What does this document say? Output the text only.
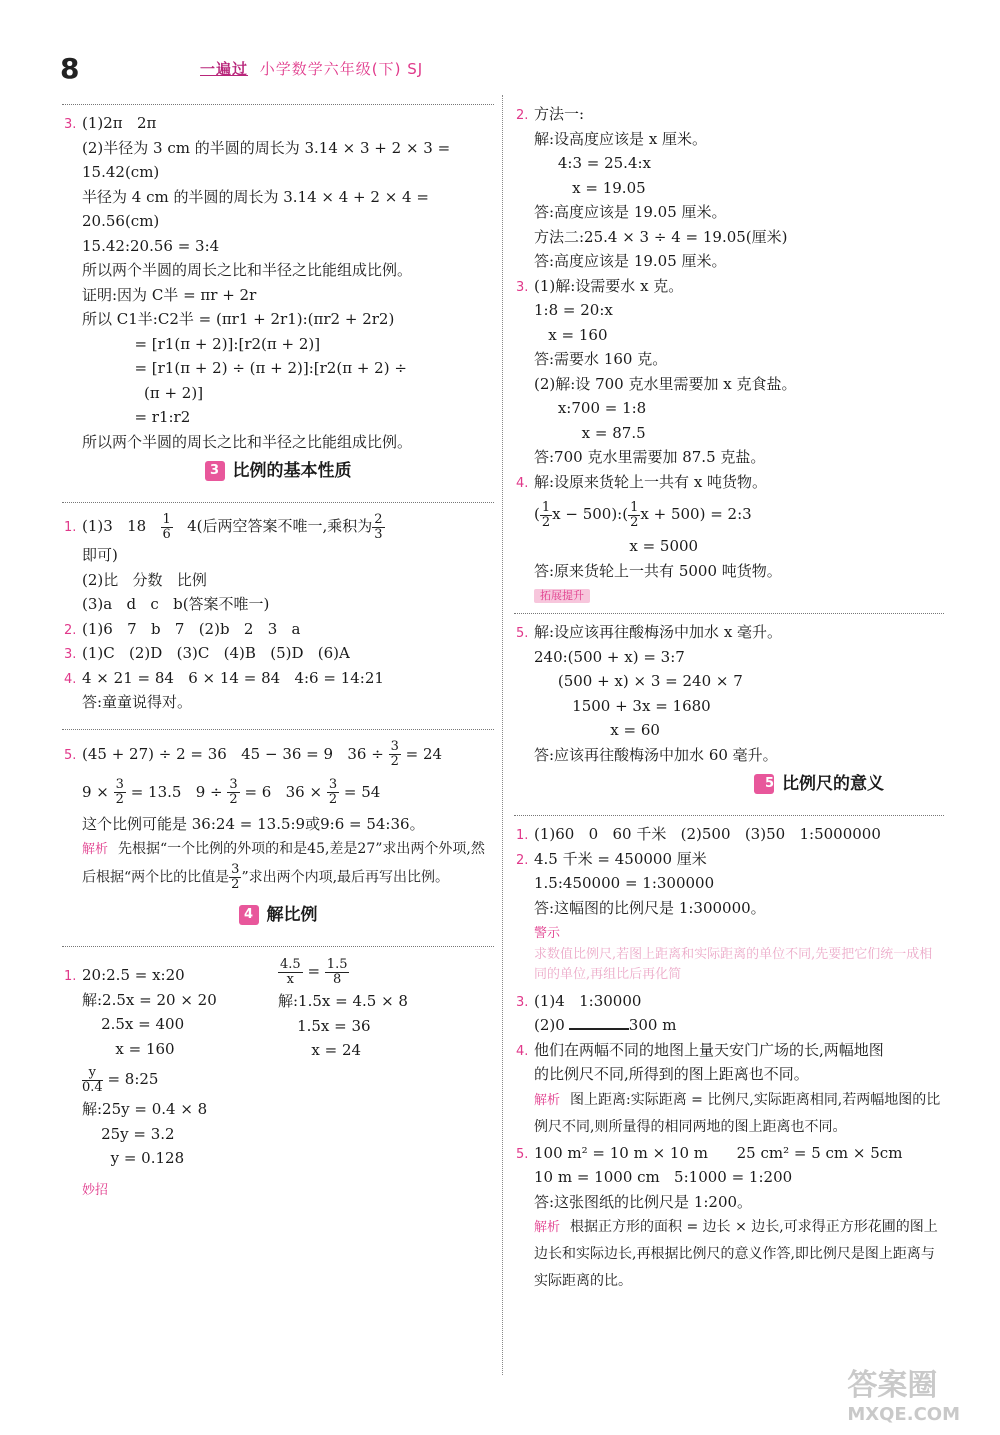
8	一遍过 小学数学六年级(下) SJ
3. (1)2π   2π
(2)半径为 3 cm 的半圆的周长为 3.14 × 3 + 2 × 3 =
15.42(cm)
半径为 4 cm 的半圆的周长为 3.14 × 4 + 2 × 4 =
20.56(cm)
15.42:20.56 = 3:4
所以两个半圆的周长之比和半径之比能组成比例。
证明:因为 C半 = πr + 2r
所以 C1半:C2半 = (πr1 + 2r1):(πr2 + 2r2)
= [r1(π + 2)]:[r2(π + 2)]
= [r1(π + 2) ÷ (π + 2)]:[r2(π + 2) ÷
(π + 2)]
= r1:r2
所以两个半圆的周长之比和半径之比能组成比例。
3 比例的基本性质
1. (1)3   $18 \frac{1}{6} 4$(后两空答案不唯一,乘积为 $\frac{2}{3}$
即可)
(2)比   分数   比例
(3)a   d   c   b(答案不唯一)
2. (1)6   7   b   7   (2)b   2   3   a
3. (1)C   (2)D   (3)C   (4)B   (5)D   (6)A
4. 4 × 21 = 84   6 × 14 = 84   4:6 = 14:21
答:童童说得对。
5. (45 + 27) ÷ 2 = 36   45 − 36 = 9   $36 \div \frac{3}{2} = 24$
$9 \times \frac{3}{2} = 13.5$   $9 \div \frac{3}{2} = 6$   $36 \times \frac{3}{2} = 54$
这个比例可能是 36:24 = 13.5:9或9:6 = 54:36。
解析 先根据“一个比例的外项的和是45,差是27”求出两个外项,然后根据“两个比的比值是 $\frac{3}{2}$ ”求出两个内项,最后再写出比例。
4 解比例
1. 20:2.5 = x:20
解:2.5x = 20 × 20
2.5x = 400
x = 160
$\frac{y}{0.4}$ = 8:25
解:25y = 0.4 × 8
25y = 3.2
y = 0.128
$\frac{4.5}{x} = \frac{1.5}{8}$
解:1.5x = 4.5 × 8
1.5x = 36
x = 24
妙招
2. 方法一:
解:设高度应该是 x 厘米。
4:3 = 25.4:x
x = 19.05
答:高度应该是 19.05 厘米。
方法二:25.4 × 3 ÷ 4 = 19.05(厘米)
答:高度应该是 19.05 厘米。
3. (1)解:设需要水 x 克。
1:8 = 20:x
x = 160
答:需要水 160 克。
(2)解:设 700 克水里需要加 x 克食盐。
x:700 = 1:8
x = 87.5
答:700 克水里需要加 87.5 克盐。
4. 解:设原来货轮上一共有 x 吨货物。
( $\frac{1}{2}$ x − 500):( $\frac{1}{2}$ x + 500) = 2:3
x = 5000
答:原来货轮上一共有 5000 吨货物。
拓展提升
5. 解:设应该再往酸梅汤中加水 x 毫升。
240:(500 + x) = 3:7
(500 + x) × 3 = 240 × 7
1500 + 3x = 1680
x = 60
答:应该再往酸梅汤中加水 60 毫升。
5 比例尺的意义
1. (1)60   0   60 千米   (2)500   (3)50   1:5000000
2. 4.5 千米 = 450000 厘米
1.5:450000 = 1:300000
答:这幅图的比例尺是 1:300000。
警示
求数值比例尺,若图上距离和实际距离的单位不同,先要把它们统一成相同的单位,再组比后再化简
3. (1)4   1:30000
(2)0	300 m
4. 他们在两幅不同的地图上量天安门广场的长,两幅地图
的比例尺不同,所得到的图上距离也不同。
解析 图上距离:实际距离 = 比例尺,实际距离相同,若两幅地图的比例尺不同,则所量得的相同两地的图上距离也不同。
5. 100 m² = 10 m × 10 m      25 cm² = 5 cm × 5cm
10 m = 1000 cm   5:1000 = 1:200
答:这张图纸的比例尺是 1:200。
解析 根据正方形的面积 = 边长 × 边长,可求得正方形花圃的图上边长和实际边长,再根据比例尺的意义作答,即比例尺是图上距离与实际距离的比。
答案圈
MXQE.COM
